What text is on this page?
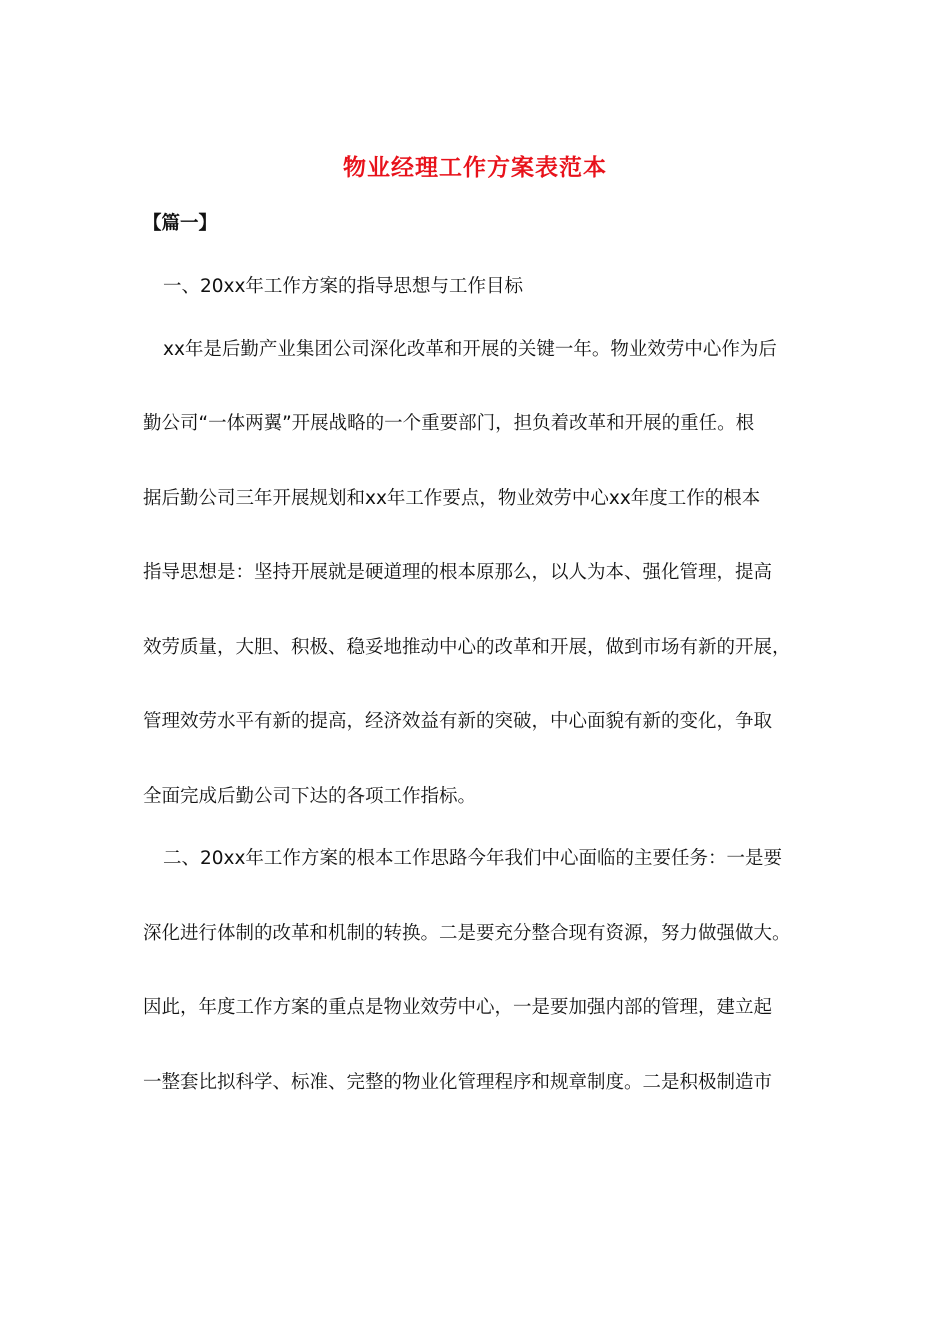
物业经理工作方案表范本
【篇一】
一、20xx年工作方案的指导思想与工作目标
xx年是后勤产业集团公司深化改革和开展的关键一年。物业效劳中心作为后
勤公司“一体两翼”开展战略的一个重要部门，担负着改革和开展的重任。根
据后勤公司三年开展规划和xx年工作要点，物业效劳中心xx年度工作的根本
指导思想是：坚持开展就是硬道理的根本原那么，以人为本、强化管理，提高
效劳质量，大胆、积极、稳妥地推动中心的改革和开展，做到市场有新的开展，
管理效劳水平有新的提高，经济效益有新的突破，中心面貌有新的变化，争取
全面完成后勤公司下达的各项工作指标。
二、20xx年工作方案的根本工作思路今年我们中心面临的主要任务：一是要
深化进行体制的改革和机制的转换。二是要充分整合现有资源，努力做强做大。
因此，年度工作方案的重点是物业效劳中心，一是要加强内部的管理，建立起
一整套比拟科学、标准、完整的物业化管理程序和规章制度。二是积极制造市
